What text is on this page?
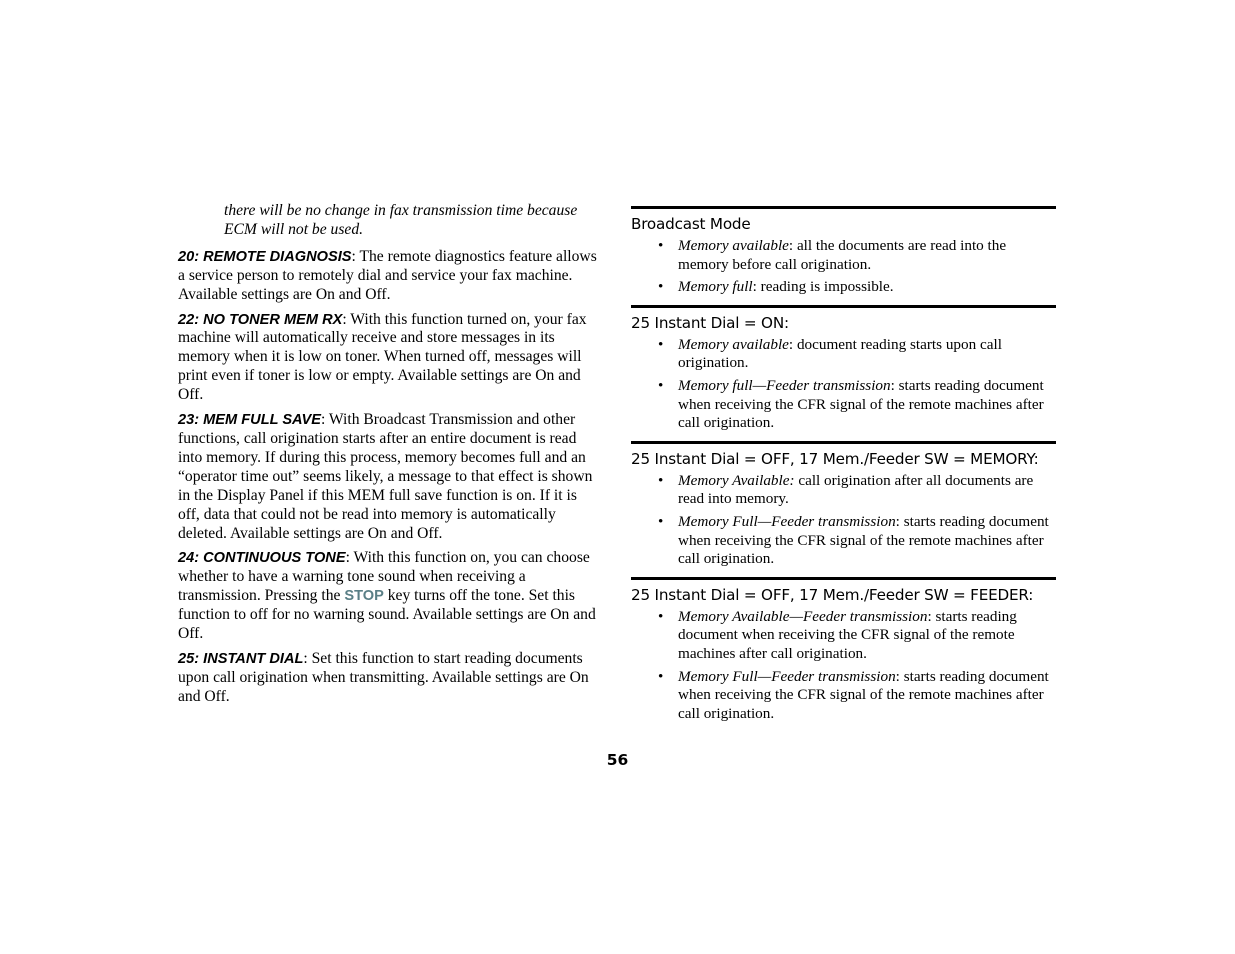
there will be no change in fax transmission time because ECM will not be used.

20: REMOTE DIAGNOSIS: The remote diagnostics feature allows a service person to remotely dial and service your fax machine. Available settings are On and Off.

22: NO TONER MEM RX: With this function turned on, your fax machine will automatically receive and store messages in its memory when it is low on toner. When turned off, messages will print even if toner is low or empty. Available settings are On and Off.

23: MEM FULL SAVE: With Broadcast Transmission and other functions, call origination starts after an entire document is read into memory. If during this process, memory becomes full and an “operator time out” seems likely, a message to that effect is shown in the Display Panel if this MEM full save function is on. If it is off, data that could not be read into memory is automatically deleted. Available settings are On and Off.

24: CONTINUOUS TONE: With this function on, you can choose whether to have a warning tone sound when receiving a transmission. Pressing the STOP key turns off the tone. Set this function to off for no warning sound. Available settings are On and Off.

25: INSTANT DIAL: Set this function to start reading documents upon call origination when transmitting. Available settings are On and Off.

Broadcast Mode
• Memory available: all the documents are read into the memory before call origination.
• Memory full: reading is impossible.
25 Instant Dial = ON:
• Memory available: document reading starts upon call origination.
• Memory full—Feeder transmission: starts reading document when receiving the CFR signal of the remote machines after call origination.
25 Instant Dial = OFF, 17 Mem./Feeder SW = MEMORY:
• Memory Available: call origination after all documents are read into memory.
• Memory Full—Feeder transmission: starts reading document when receiving the CFR signal of the remote machines after call origination.
25 Instant Dial = OFF, 17 Mem./Feeder SW = FEEDER:
• Memory Available—Feeder transmission: starts reading document when receiving the CFR signal of the remote machines after call origination.
• Memory Full—Feeder transmission: starts reading document when receiving the CFR signal of the remote machines after call origination.
56
